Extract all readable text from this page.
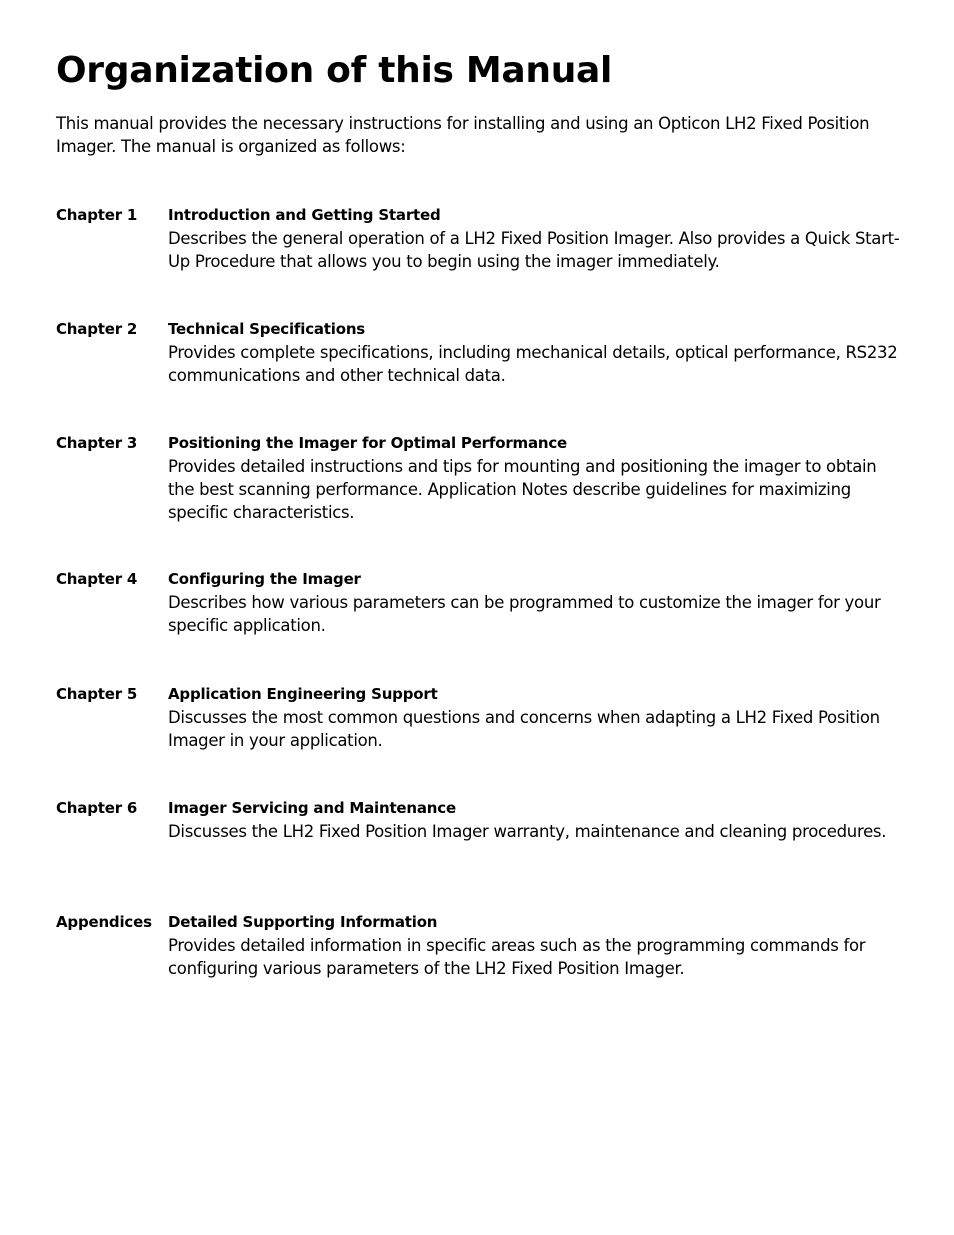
Organization of this Manual

This manual provides the necessary instructions for installing and using an Opticon LH2 Fixed Position Imager. The manual is organized as follows:

Chapter 1	Introduction and Getting Started

Describes the general operation of a LH2 Fixed Position Imager. Also provides a Quick Start-Up Procedure that allows you to begin using the imager immediately.

Chapter 2	Technical Specifications

Provides complete specifications, including mechanical details, optical performance, RS232 communications and other technical data.

Chapter 3	Positioning the Imager for Optimal Performance

Provides detailed instructions and tips for mounting and positioning the imager to obtain the best scanning performance. Application Notes describe guidelines for maximizing specific characteristics.

Chapter 4	Configuring the Imager

Describes how various parameters can be programmed to customize the imager for your specific application.

Chapter 5	Application Engineering Support

Discusses the most common questions and concerns when adapting a LH2 Fixed Position Imager in your application.

Chapter 6	Imager Servicing and Maintenance

Discusses the LH2 Fixed Position Imager warranty, maintenance and cleaning procedures.

Appendices	Detailed Supporting Information

Provides detailed information in specific areas such as the programming commands for configuring various parameters of the LH2 Fixed Position Imager.
